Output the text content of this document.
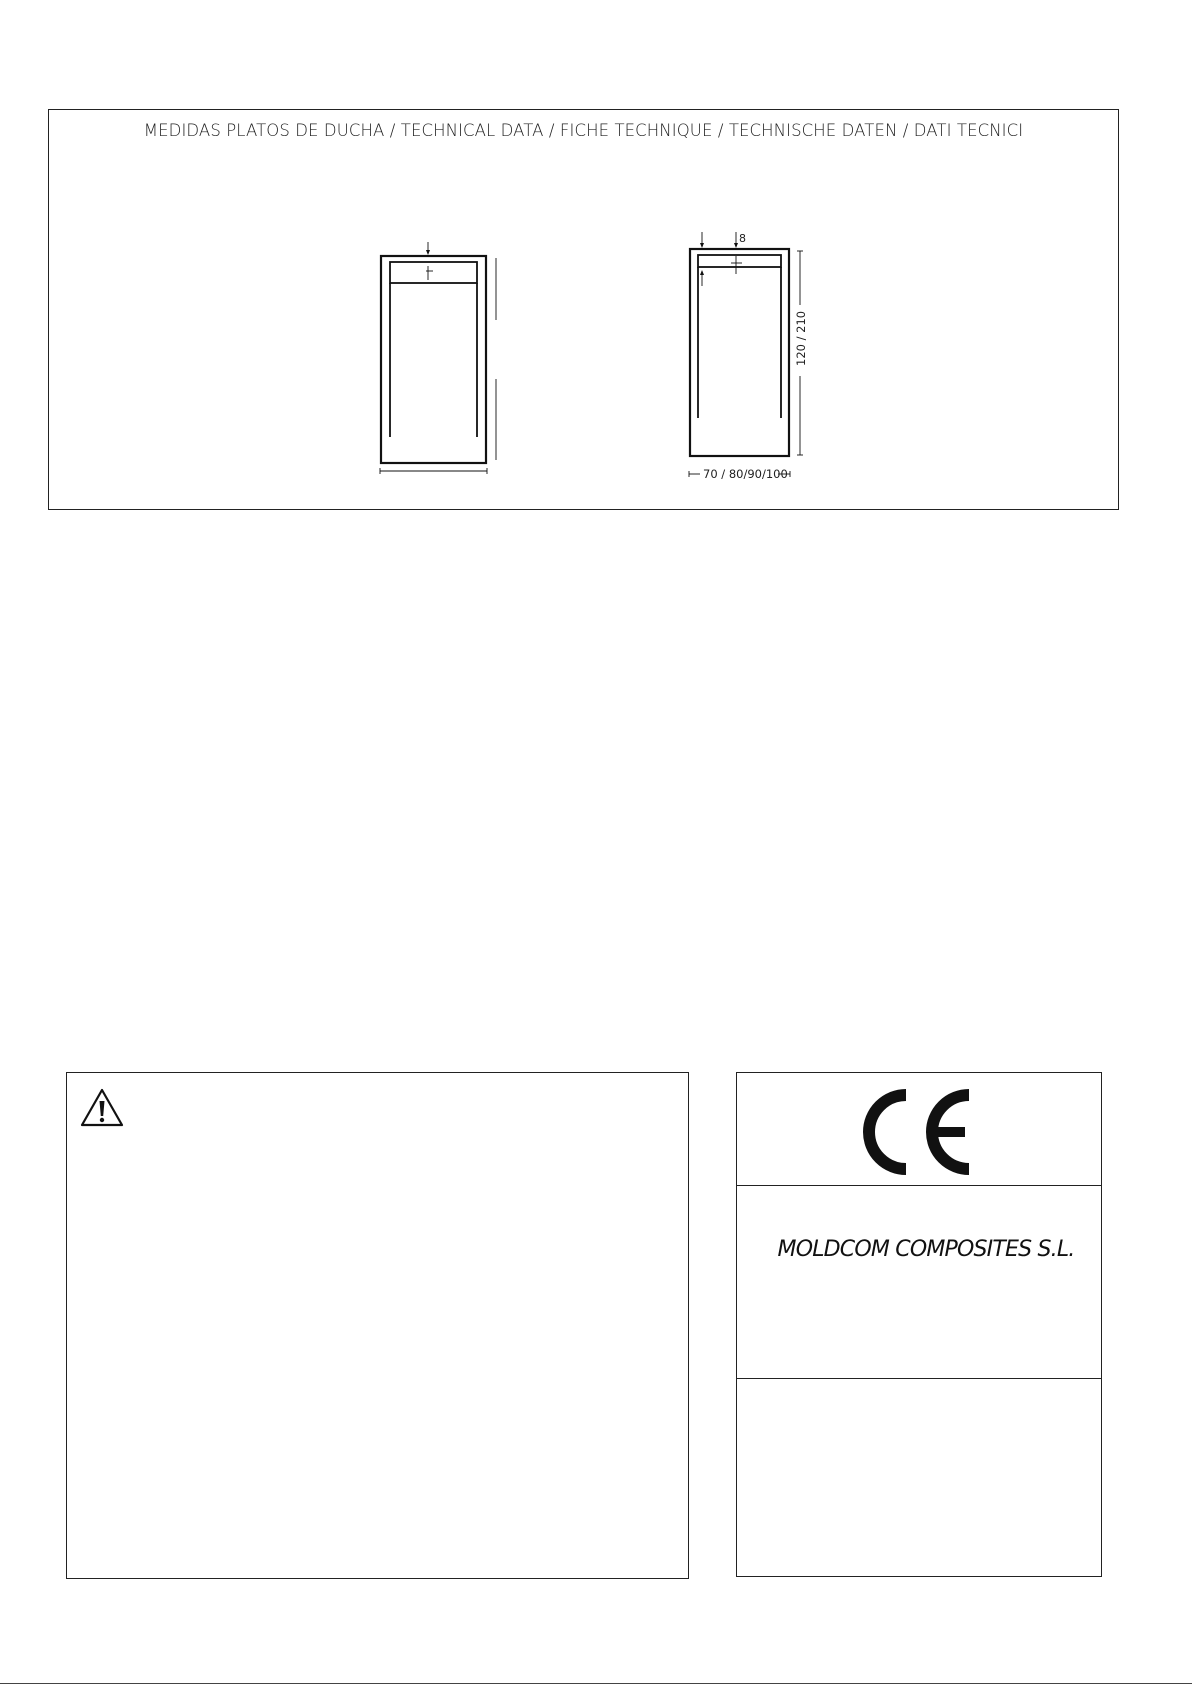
MEDIDAS PLATOS DE DUCHA / TECHNICAL DATA / FICHE TECHNIQUE / TECHNISCHE DATEN / DATI TECNICI
8
120 / 210
70 / 80/90/100
MOLDCOM COMPOSITES S.L.
